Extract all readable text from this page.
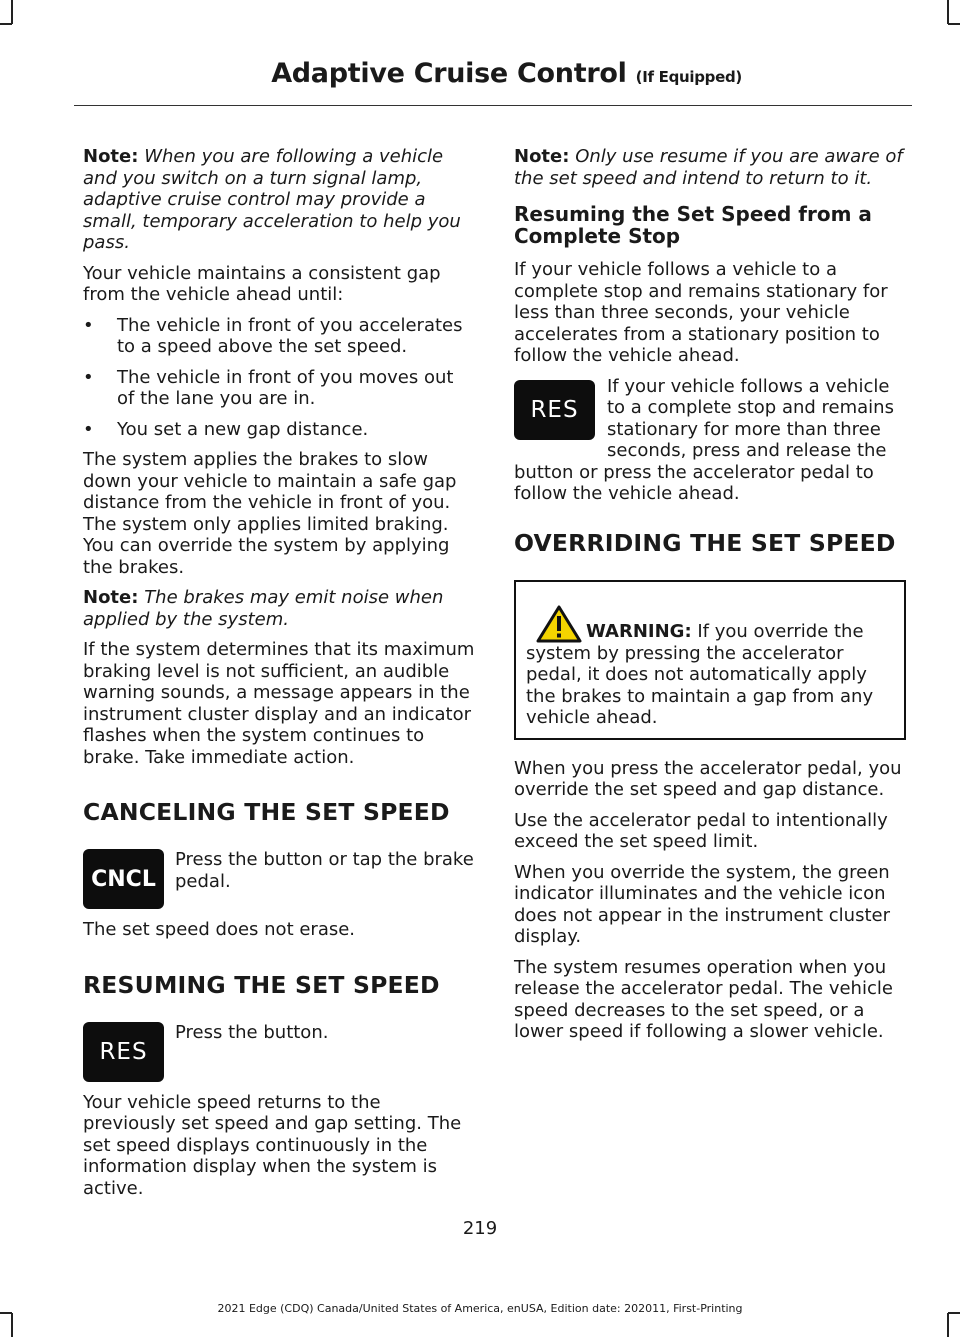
Adaptive Cruise Control (If Equipped)

Note: When you are following a vehicle and you switch on a turn signal lamp, adaptive cruise control may provide a small, temporary acceleration to help you pass.

Your vehicle maintains a consistent gap from the vehicle ahead until:

• The vehicle in front of you accelerates to a speed above the set speed.
• The vehicle in front of you moves out of the lane you are in.
• You set a new gap distance.

The system applies the brakes to slow down your vehicle to maintain a safe gap distance from the vehicle in front of you. The system only applies limited braking. You can override the system by applying the brakes.

Note: The brakes may emit noise when applied by the system.

If the system determines that its maximum braking level is not sufficient, an audible warning sounds, a message appears in the instrument cluster display and an indicator flashes when the system continues to brake. Take immediate action.

CANCELING THE SET SPEED
CNCL

Press the button or tap the brake pedal.

The set speed does not erase.

RESUMING THE SET SPEED
RES

Press the button.

Your vehicle speed returns to the previously set speed and gap setting. The set speed displays continuously in the information display when the system is active.

Note: Only use resume if you are aware of the set speed and intend to return to it.

Resuming the Set Speed from a Complete Stop

If your vehicle follows a vehicle to a complete stop and remains stationary for less than three seconds, your vehicle accelerates from a stationary position to follow the vehicle ahead.

RES

If your vehicle follows a vehicle to a complete stop and remains stationary for more than three seconds, press and release the button or press the accelerator pedal to follow the vehicle ahead.

OVERRIDING THE SET SPEED

WARNING: If you override the system by pressing the accelerator pedal, it does not automatically apply the brakes to maintain a gap from any vehicle ahead.

When you press the accelerator pedal, you override the set speed and gap distance.

Use the accelerator pedal to intentionally exceed the set speed limit.

When you override the system, the green indicator illuminates and the vehicle icon does not appear in the instrument cluster display.

The system resumes operation when you release the accelerator pedal. The vehicle speed decreases to the set speed, or a lower speed if following a slower vehicle.

219
2021 Edge (CDQ) Canada/United States of America, enUSA, Edition date: 202011, First-Printing
